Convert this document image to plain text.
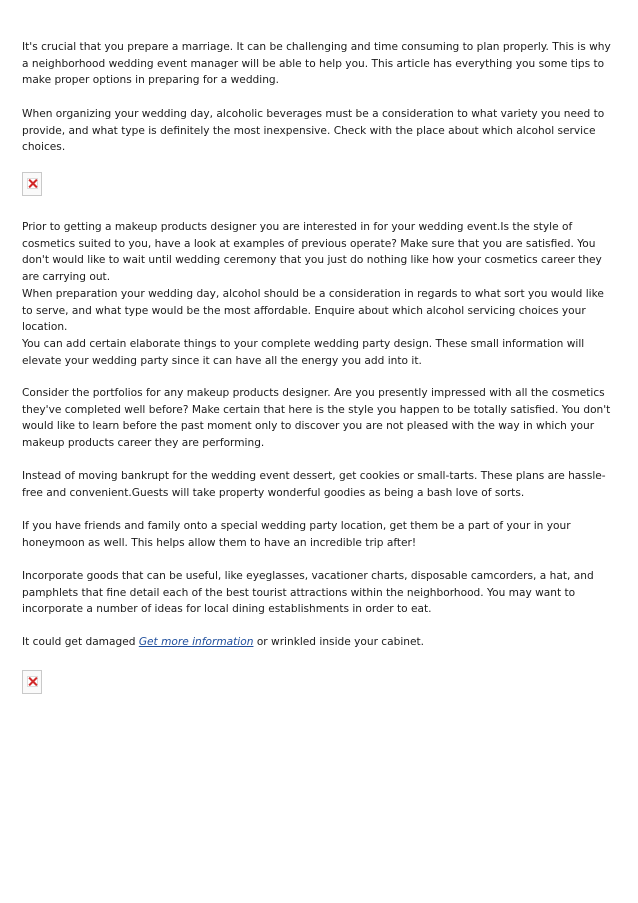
It's crucial that you prepare a marriage. It can be challenging and time consuming to plan properly. This is why a neighborhood wedding event manager will be able to help you. This article has everything you some tips to make proper options in preparing for a wedding.

When organizing your wedding day, alcoholic beverages must be a consideration to what variety you need to provide, and what type is definitely the most inexpensive. Check with the place about which alcohol service choices.

Prior to getting a makeup products designer you are interested in for your wedding event.Is the style of cosmetics suited to you, have a look at examples of previous operate? Make sure that you are satisfied. You don't would like to wait until wedding ceremony that you just do nothing like how your cosmetics career they are carrying out.

When preparation your wedding day, alcohol should be a consideration in regards to what sort you would like to serve, and what type would be the most affordable. Enquire about which alcohol servicing choices your location.

You can add certain elaborate things to your complete wedding party design. These small information will elevate your wedding party since it can have all the energy you add into it.

Consider the portfolios for any makeup products designer. Are you presently impressed with all the cosmetics they've completed well before? Make certain that here is the style you happen to be totally satisfied. You don't would like to learn before the past moment only to discover you are not pleased with the way in which your makeup products career they are performing.

Instead of moving bankrupt for the wedding event dessert, get cookies or small-tarts. These plans are hassle-free and convenient.Guests will take property wonderful goodies as being a bash love of sorts.

If you have friends and family onto a special wedding party location, get them be a part of your in your honeymoon as well. This helps allow them to have an incredible trip after!

Incorporate goods that can be useful, like eyeglasses, vacationer charts, disposable camcorders, a hat, and pamphlets that fine detail each of the best tourist attractions within the neighborhood. You may want to incorporate a number of ideas for local dining establishments in order to eat.

It could get damaged Get more information or wrinkled inside your cabinet.
